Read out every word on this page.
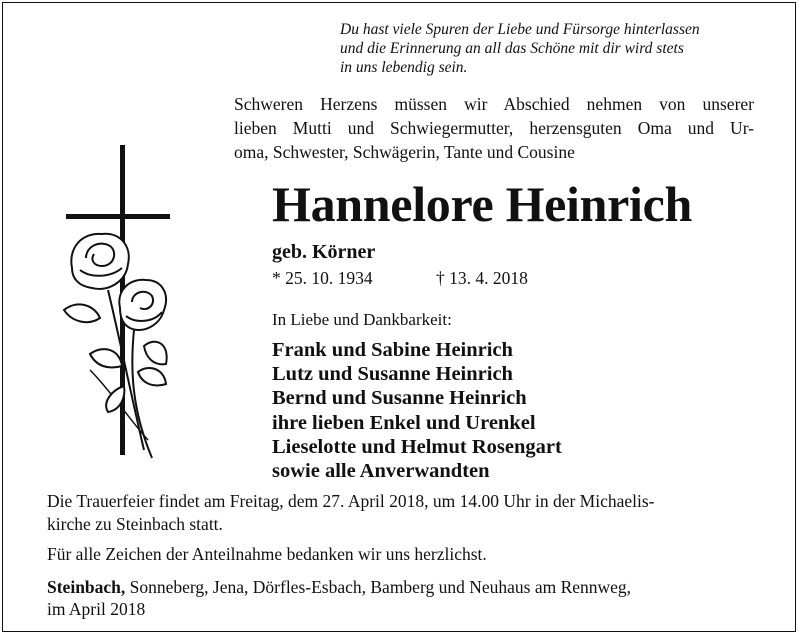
Du hast viele Spuren der Liebe und Fürsorge hinterlassen
und die Erinnerung an all das Schöne mit dir wird stets
in uns lebendig sein.
Schweren Herzens müssen wir Abschied nehmen von unserer
lieben Mutti und Schwiegermutter, herzensguten Oma und Ur-
oma, Schwester, Schwägerin, Tante und Cousine
Hannelore Heinrich
geb. Körner
* 25. 10. 1934	† 13. 4. 2018
In Liebe und Dankbarkeit:
Frank und Sabine Heinrich
Lutz und Susanne Heinrich
Bernd und Susanne Heinrich
ihre lieben Enkel und Urenkel
Lieselotte und Helmut Rosengart
sowie alle Anverwandten
Die Trauerfeier findet am Freitag, dem 27. April 2018, um 14.00 Uhr in der Michaelis-
kirche zu Steinbach statt.
Für alle Zeichen der Anteilnahme bedanken wir uns herzlichst.
Steinbach, Sonneberg, Jena, Dörfles-Esbach, Bamberg und Neuhaus am Rennweg,
im April 2018
